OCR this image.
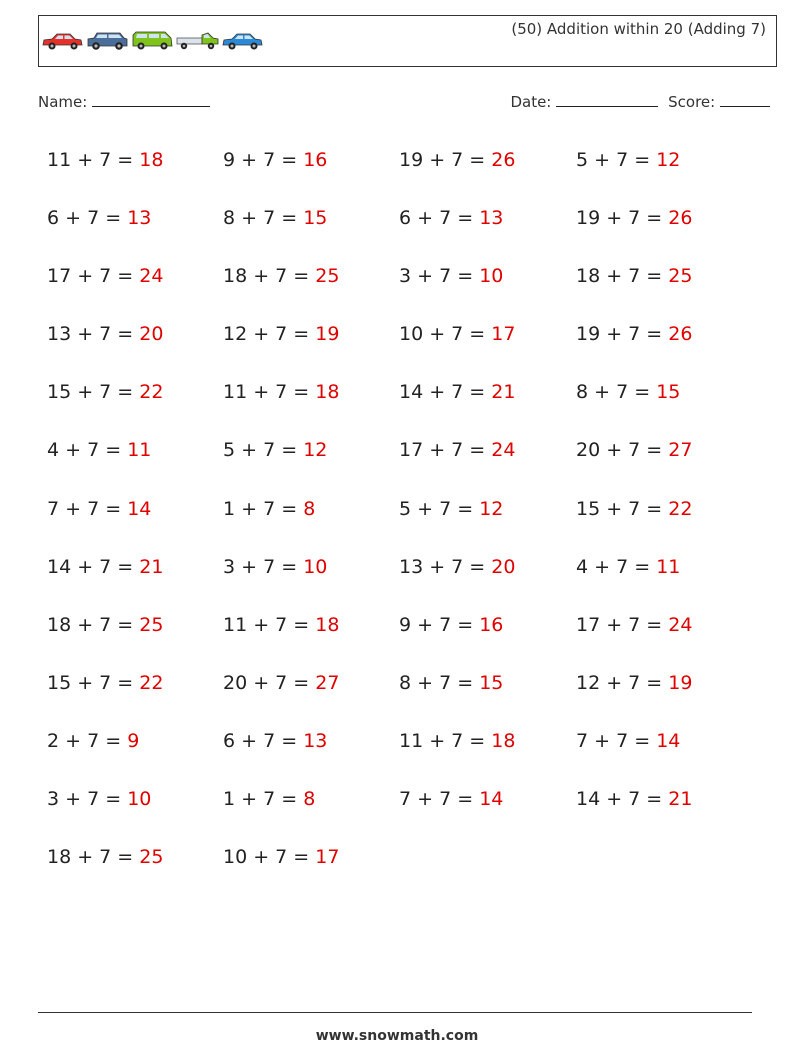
(50) Addition within 20 (Adding 7)
Name:	Date:	Score:
11 + 7 = 18	9 + 7 = 16	19 + 7 = 26	5 + 7 = 12
6 + 7 = 13	8 + 7 = 15	6 + 7 = 13	19 + 7 = 26
17 + 7 = 24	18 + 7 = 25	3 + 7 = 10	18 + 7 = 25
13 + 7 = 20	12 + 7 = 19	10 + 7 = 17	19 + 7 = 26
15 + 7 = 22	11 + 7 = 18	14 + 7 = 21	8 + 7 = 15
4 + 7 = 11	5 + 7 = 12	17 + 7 = 24	20 + 7 = 27
7 + 7 = 14	1 + 7 = 8	5 + 7 = 12	15 + 7 = 22
14 + 7 = 21	3 + 7 = 10	13 + 7 = 20	4 + 7 = 11
18 + 7 = 25	11 + 7 = 18	9 + 7 = 16	17 + 7 = 24
15 + 7 = 22	20 + 7 = 27	8 + 7 = 15	12 + 7 = 19
2 + 7 = 9	6 + 7 = 13	11 + 7 = 18	7 + 7 = 14
3 + 7 = 10	1 + 7 = 8	7 + 7 = 14	14 + 7 = 21
18 + 7 = 25	10 + 7 = 17
www.snowmath.com
